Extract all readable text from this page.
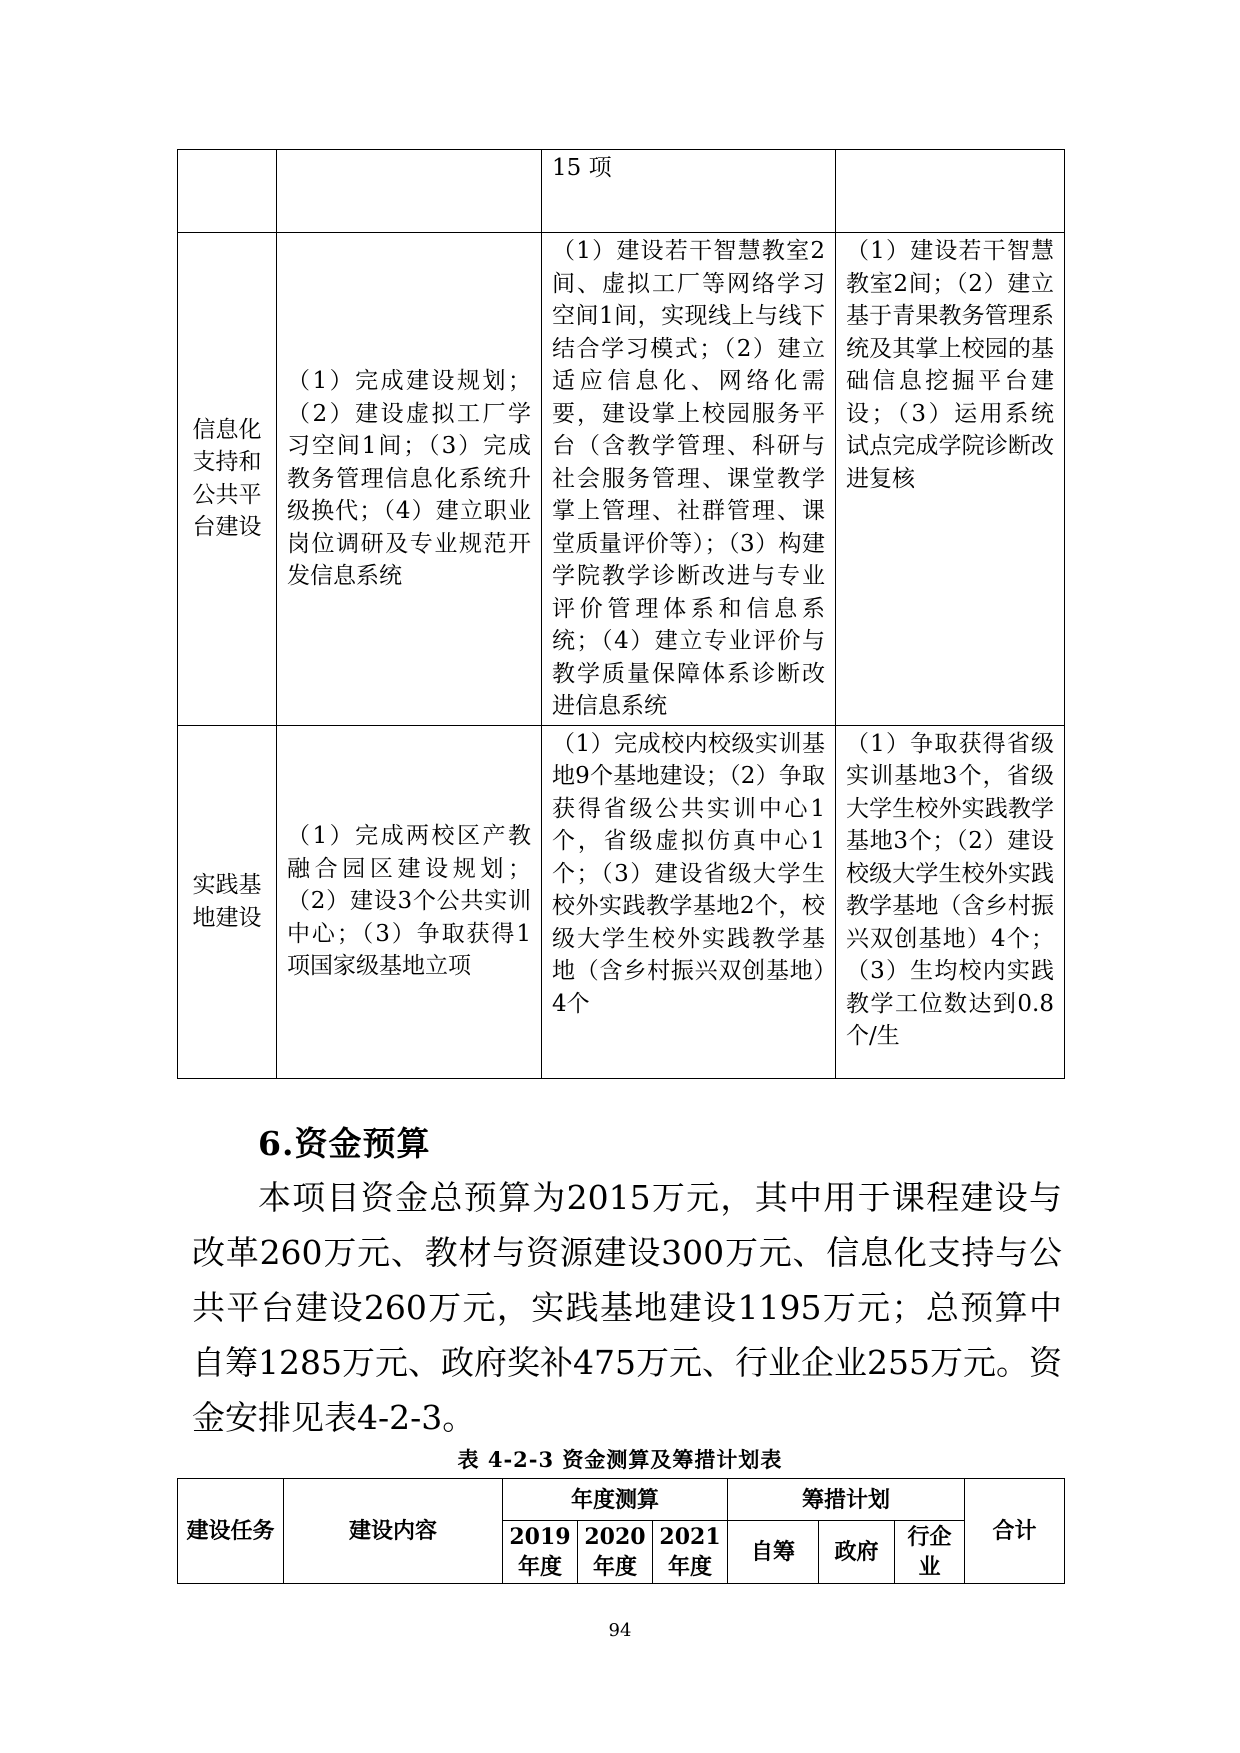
		15 项	
信息化支持和公共平台建设	（1）完成建设规划；（2）建设虚拟工厂学习空间1间；（3）完成教务管理信息化系统升级换代；（4）建立职业岗位调研及专业规范开发信息系统	（1）建设若干智慧教室2间、虚拟工厂等网络学习空间1间，实现线上与线下结合学习模式；（2）建立适应信息化、网络化需要，建设掌上校园服务平台（含教学管理、科研与社会服务管理、课堂教学掌上管理、社群管理、课堂质量评价等）；（3）构建学院教学诊断改进与专业评价管理体系和信息系统；（4）建立专业评价与教学质量保障体系诊断改进信息系统	（1）建设若干智慧教室2间；（2）建立基于青果教务管理系统及其掌上校园的基础信息挖掘平台建设；（3）运用系统试点完成学院诊断改进复核
实践基地建设	（1）完成两校区产教融合园区建设规划；（2）建设3个公共实训中心；（3）争取获得1项国家级基地立项	（1）完成校内校级实训基地9个基地建设；（2）争取获得省级公共实训中心1个，省级虚拟仿真中心1个；（3）建设省级大学生校外实践教学基地2个，校级大学生校外实践教学基地（含乡村振兴双创基地）4个	（1）争取获得省级实训基地3个，省级大学生校外实践教学基地3个；（2）建设校级大学生校外实践教学基地（含乡村振兴双创基地）4个；（3）生均校内实践教学工位数达到0.8个/生
6.资金预算
本项目资金总预算为2015万元，其中用于课程建设与改革260万元、教材与资源建设300万元、信息化支持与公共平台建设260万元，实践基地建设1195万元；总预算中自筹1285万元、政府奖补475万元、行业企业255万元。资金安排见表4-2-3。
表 4-2-3 资金测算及筹措计划表
建设任务	建设内容	年度测算			筹措计划			合计
		2019年度	2020年度	2021年度	自筹	政府	行企业	
94
